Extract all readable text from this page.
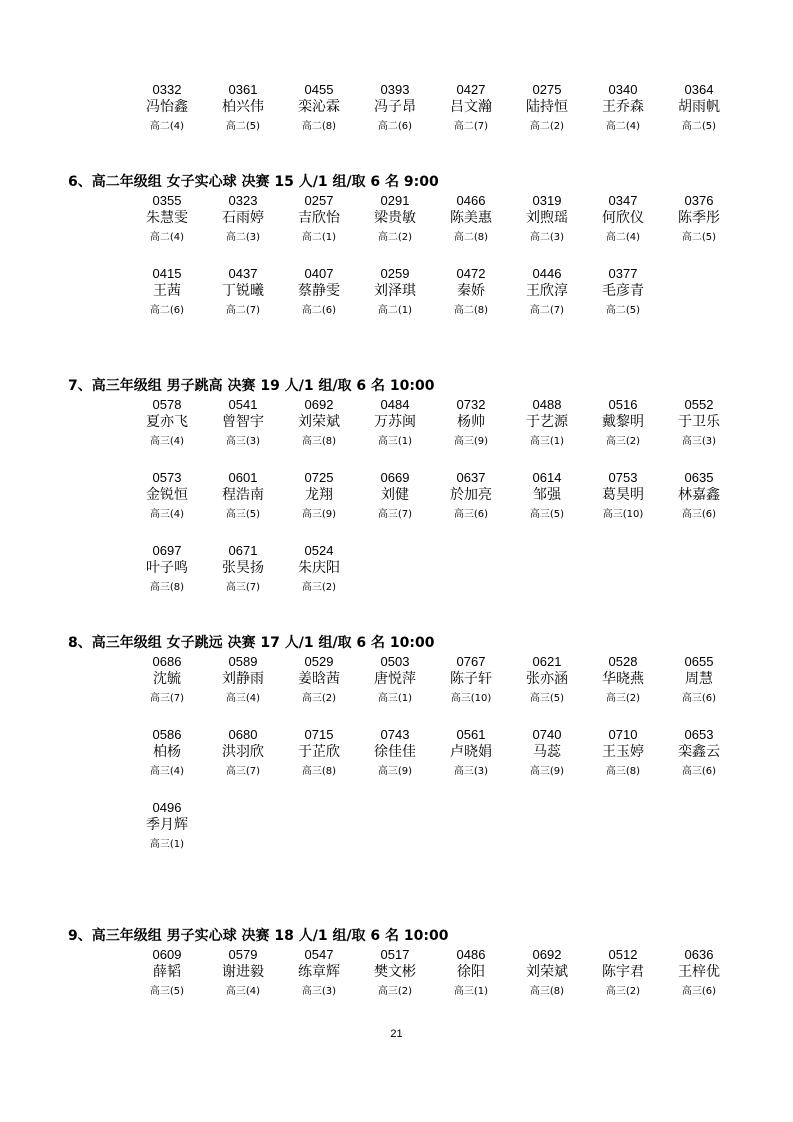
0332
冯怡鑫
高二(4)
0361
柏兴伟
高二(5)
0455
栾沁霖
高二(8)
0393
冯子昂
高二(6)
0427
吕文瀚
高二(7)
0275
陆持恒
高二(2)
0340
王乔森
高二(4)
0364
胡雨帆
高二(5)
6、高二年级组 女子实心球 决赛 15 人/1 组/取 6 名 9:00
0355
朱慧雯
高二(4)
0323
石雨婷
高二(3)
0257
吉欣怡
高二(1)
0291
梁贵敏
高二(2)
0466
陈美惠
高二(8)
0319
刘煦瑶
高二(3)
0347
何欣仪
高二(4)
0376
陈季彤
高二(5)
0415
王茜
高二(6)
0437
丁锐曦
高二(7)
0407
蔡静雯
高二(6)
0259
刘泽琪
高二(1)
0472
秦娇
高二(8)
0446
王欣淳
高二(7)
0377
毛彦青
高二(5)
7、高三年级组 男子跳高 决赛 19 人/1 组/取 6 名 10:00
0578
夏亦飞
高三(4)
0541
曾智宇
高三(3)
0692
刘荣斌
高三(8)
0484
万苏闽
高三(1)
0732
杨帅
高三(9)
0488
于艺源
高三(1)
0516
戴黎明
高三(2)
0552
于卫乐
高三(3)
0573
金锐恒
高三(4)
0601
程浩南
高三(5)
0725
龙翔
高三(9)
0669
刘健
高三(7)
0637
於加亮
高三(6)
0614
邹强
高三(5)
0753
葛昊明
高三(10)
0635
林嘉鑫
高三(6)
0697
叶子鸣
高三(8)
0671
张昊扬
高三(7)
0524
朱庆阳
高三(2)
8、高三年级组 女子跳远 决赛 17 人/1 组/取 6 名 10:00
0686
沈毓
高三(7)
0589
刘静雨
高三(4)
0529
姜晗茜
高三(2)
0503
唐悦萍
高三(1)
0767
陈子轩
高三(10)
0621
张亦涵
高三(5)
0528
华晓燕
高三(2)
0655
周慧
高三(6)
0586
柏杨
高三(4)
0680
洪羽欣
高三(7)
0715
于芷欣
高三(8)
0743
徐佳佳
高三(9)
0561
卢晓娟
高三(3)
0740
马蕊
高三(9)
0710
王玉婷
高三(8)
0653
栾鑫云
高三(6)
0496
季月辉
高三(1)
9、高三年级组 男子实心球 决赛 18 人/1 组/取 6 名 10:00
0609
薛韬
高三(5)
0579
谢进毅
高三(4)
0547
练章辉
高三(3)
0517
樊文彬
高三(2)
0486
徐阳
高三(1)
0692
刘荣斌
高三(8)
0512
陈宇君
高三(2)
0636
王梓优
高三(6)
21
